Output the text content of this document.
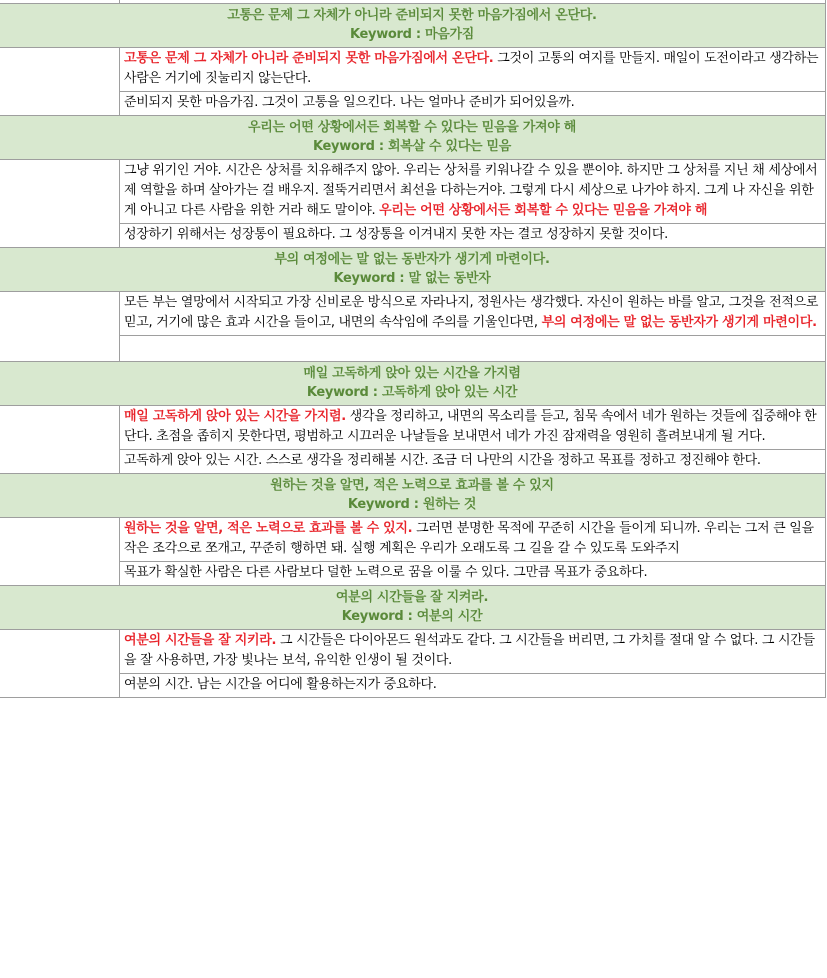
고통은 문제 그 자체가 아니라 준비되지 못한 마음가짐에서 온단다.
Keyword : 마음가짐	

	고통은 문제 그 자체가 아니라 준비되지 못한 마음가짐에서 온단다. 그것이 고통의 여지를 만들지. 매일이 도전이라고 생각하는 사람은 거기에 짓눌리지 않는단다.
	준비되지 못한 마음가짐. 그것이 고통을 일으킨다. 나는 얼마나 준비가 되어있을까.

우리는 어떤 상황에서든 회복할 수 있다는 믿음을 가져야 해
Keyword : 회복살 수 있다는 믿음	

	그냥 위기인 거야. 시간은 상처를 치유해주지 않아. 우리는 상처를 키워나갈 수 있을 뿐이야. 하지만 그 상처를 지닌 채 세상에서 제 역할을 하며 살아가는 걸 배우지. 절뚝거리면서 최선을 다하는거야. 그렇게 다시 세상으로 나가야 하지. 그게 나 자신을 위한 게 아니고 다른 사람을 위한 거라 해도 말이야. 우리는 어떤 상황에서든 회복할 수 있다는 믿음을 가져야 해
	성장하기 위해서는 성장통이 필요하다. 그 성장통을 이겨내지 못한 자는 결코 성장하지 못할 것이다.

부의 여정에는 말 없는 동반자가 생기게 마련이다.
Keyword : 말 없는 동반자	

	모든 부는 열망에서 시작되고 가장 신비로운 방식으로 자라나지, 정원사는 생각했다. 자신이 원하는 바를 알고, 그것을 전적으로 믿고, 거기에 많은 효과 시간을 들이고, 내면의 속삭임에 주의를 기울인다면, 부의 여정에는 말 없는 동반자가 생기게 마련이다.

매일 고독하게 앉아 있는 시간을 가지렴
Keyword : 고독하게 앉아 있는 시간	

	매일 고독하게 앉아 있는 시간을 가지렴. 생각을 정리하고, 내면의 목소리를 듣고, 침묵 속에서 네가 원하는 것들에 집중해야 한단다. 초점을 좁히지 못한다면, 평범하고 시끄러운 나날들을 보내면서 네가 가진 잠재력을 영원히 흘려보내게 될 거다.
	고독하게 앉아 있는 시간. 스스로 생각을 정리해볼 시간. 조금 더 나만의 시간을 정하고 목표를 정하고 정진해야 한다.

원하는 것을 알면, 적은 노력으로 효과를 볼 수 있지
Keyword : 원하는 것	

	원하는 것을 알면, 적은 노력으로 효과를 볼 수 있지. 그러면 분명한 목적에 꾸준히 시간을 들이게 되니까. 우리는 그저 큰 일을 작은 조각으로 쪼개고, 꾸준히 행하면 돼. 실행 계획은 우리가 오래도록 그 길을 갈 수 있도록 도와주지
	목표가 확실한 사람은 다른 사람보다 덜한 노력으로 꿈을 이룰 수 있다. 그만큼 목표가 중요하다.

여분의 시간들을 잘 지켜라.
Keyword : 여분의 시간	

	여분의 시간들을 잘 지키라. 그 시간들은 다이아몬드 원석과도 같다. 그 시간들을 버리면, 그 가치를 절대 알 수 없다. 그 시간들을 잘 사용하면, 가장 빛나는 보석, 유익한 인생이 될 것이다.
	여분의 시간. 남는 시간을 어디에 활용하는지가 중요하다.
